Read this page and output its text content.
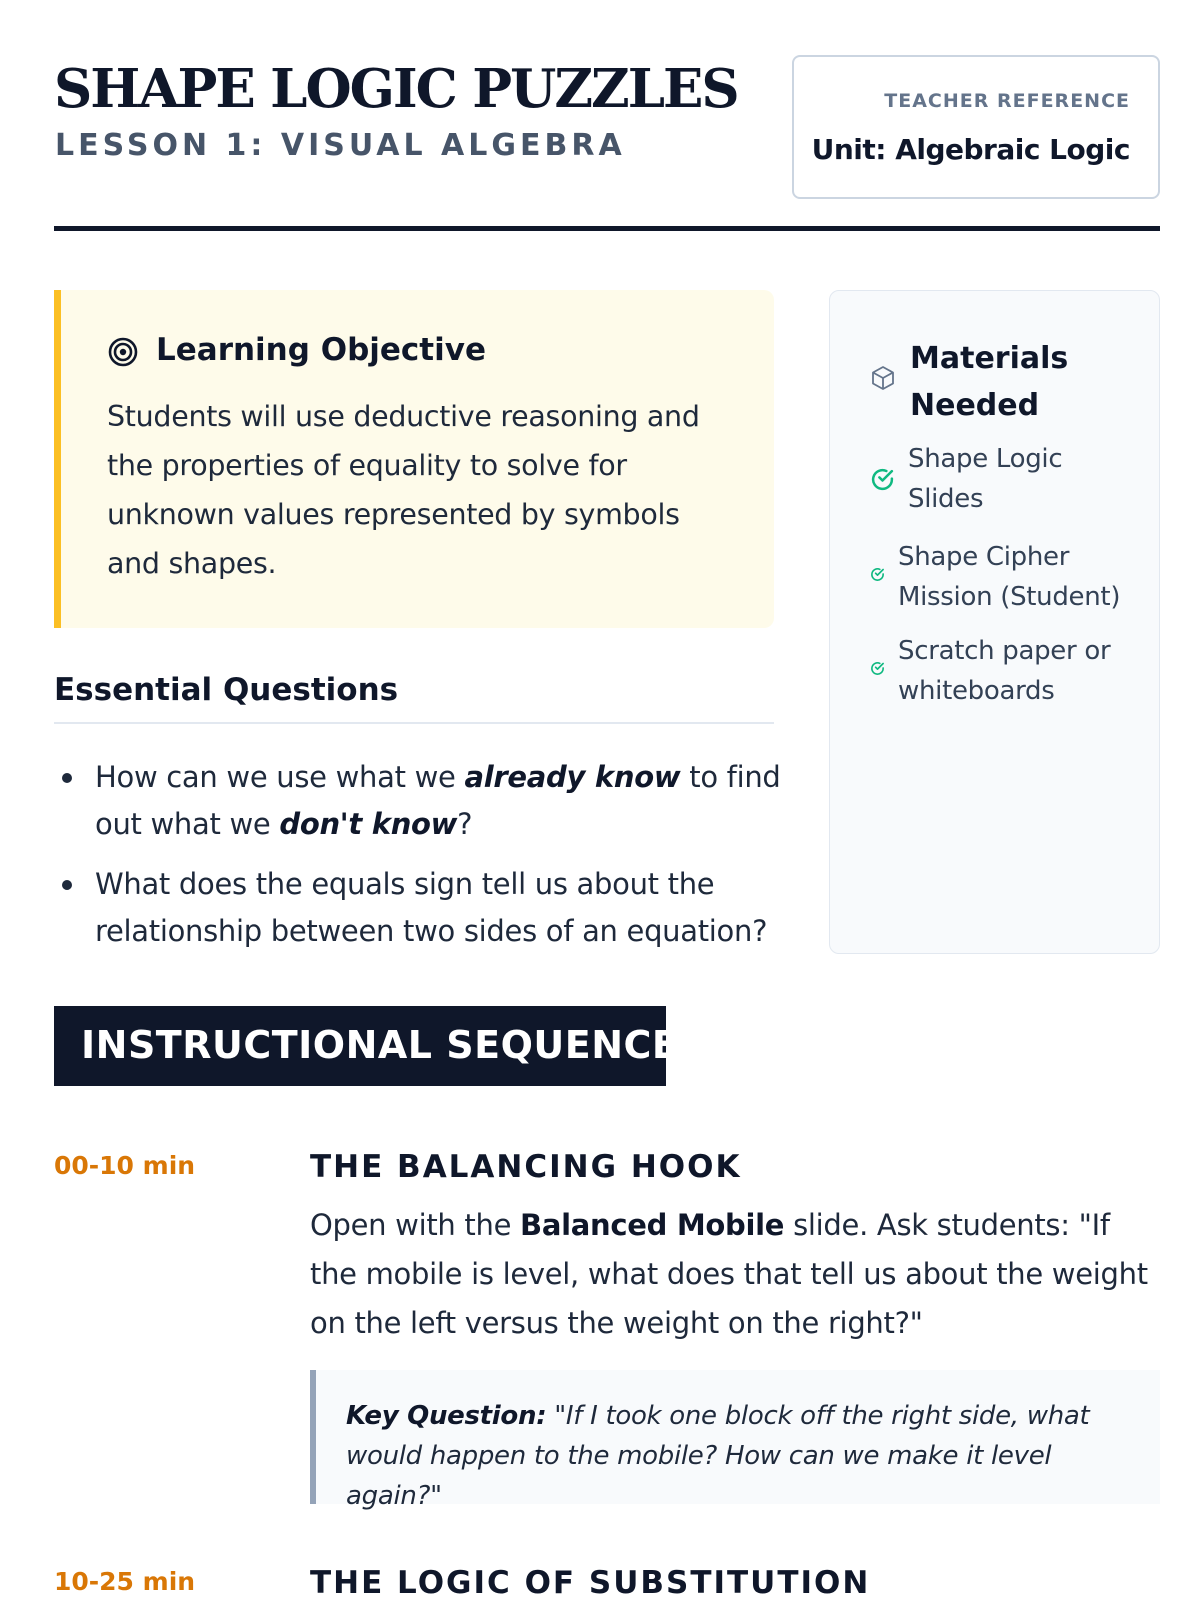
SHAPE LOGIC PUZZLES
LESSON 1: VISUAL ALGEBRA
TEACHER REFERENCE
Unit: Algebraic Logic
Learning Objective
Students will use deductive reasoning and the properties of equality to solve for unknown values represented by symbols and shapes.
Essential Questions
How can we use what we already know to find out what we don't know?
What does the equals sign tell us about the relationship between two sides of an equation?
Materials Needed
Shape Logic Slides
Shape Cipher Mission (Student)
Scratch paper or whiteboards
INSTRUCTIONAL SEQUENCE
00-10 min	THE BALANCING HOOK
Open with the Balanced Mobile slide. Ask students: "If the mobile is level, what does that tell us about the weight on the left versus the weight on the right?"
Key Question: "If I took one block off the right side, what would happen to the mobile? How can we make it level again?"
10-25 min	THE LOGIC OF SUBSTITUTION
